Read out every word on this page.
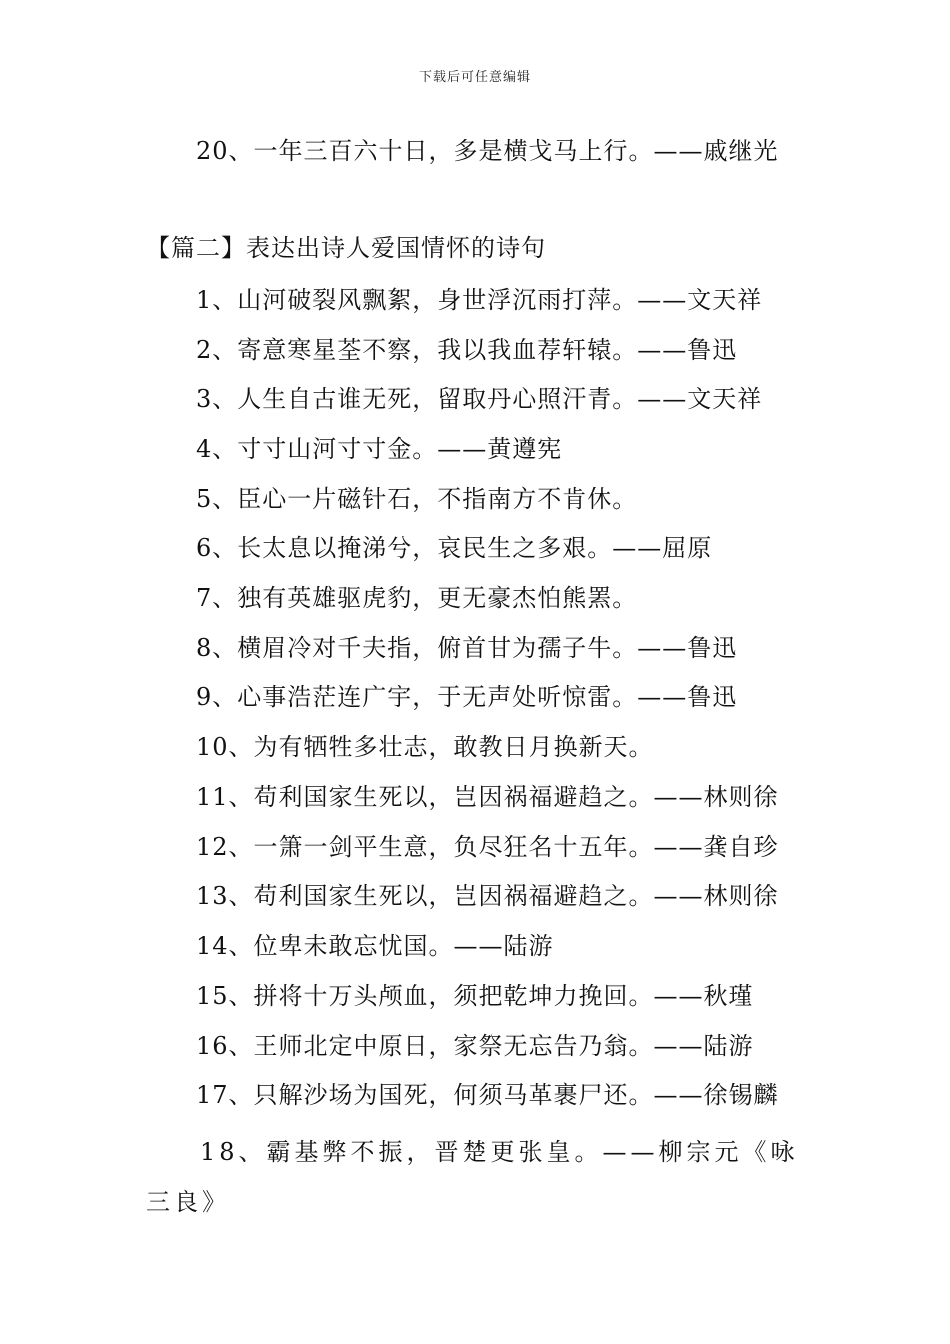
下载后可任意编辑
20、一年三百六十日，多是横戈马上行。——戚继光
【篇二】表达出诗人爱国情怀的诗句
1、山河破裂风飘絮，身世浮沉雨打萍。——文天祥
2、寄意寒星荃不察，我以我血荐轩辕。——鲁迅
3、人生自古谁无死，留取丹心照汗青。——文天祥
4、寸寸山河寸寸金。——黄遵宪
5、臣心一片磁针石，不指南方不肯休。
6、长太息以掩涕兮，哀民生之多艰。——屈原
7、独有英雄驱虎豹，更无豪杰怕熊罴。
8、横眉冷对千夫指，俯首甘为孺子牛。——鲁迅
9、心事浩茫连广宇，于无声处听惊雷。——鲁迅
10、为有牺牲多壮志，敢教日月换新天。
11、苟利国家生死以，岂因祸福避趋之。——林则徐
12、一箫一剑平生意，负尽狂名十五年。——龚自珍
13、苟利国家生死以，岂因祸福避趋之。——林则徐
14、位卑未敢忘忧国。——陆游
15、拼将十万头颅血，须把乾坤力挽回。——秋瑾
16、王师北定中原日，家祭无忘告乃翁。——陆游
17、只解沙场为国死，何须马革裹尸还。——徐锡麟
18、霸基弊不振，晋楚更张皇。——柳宗元《咏三良》
